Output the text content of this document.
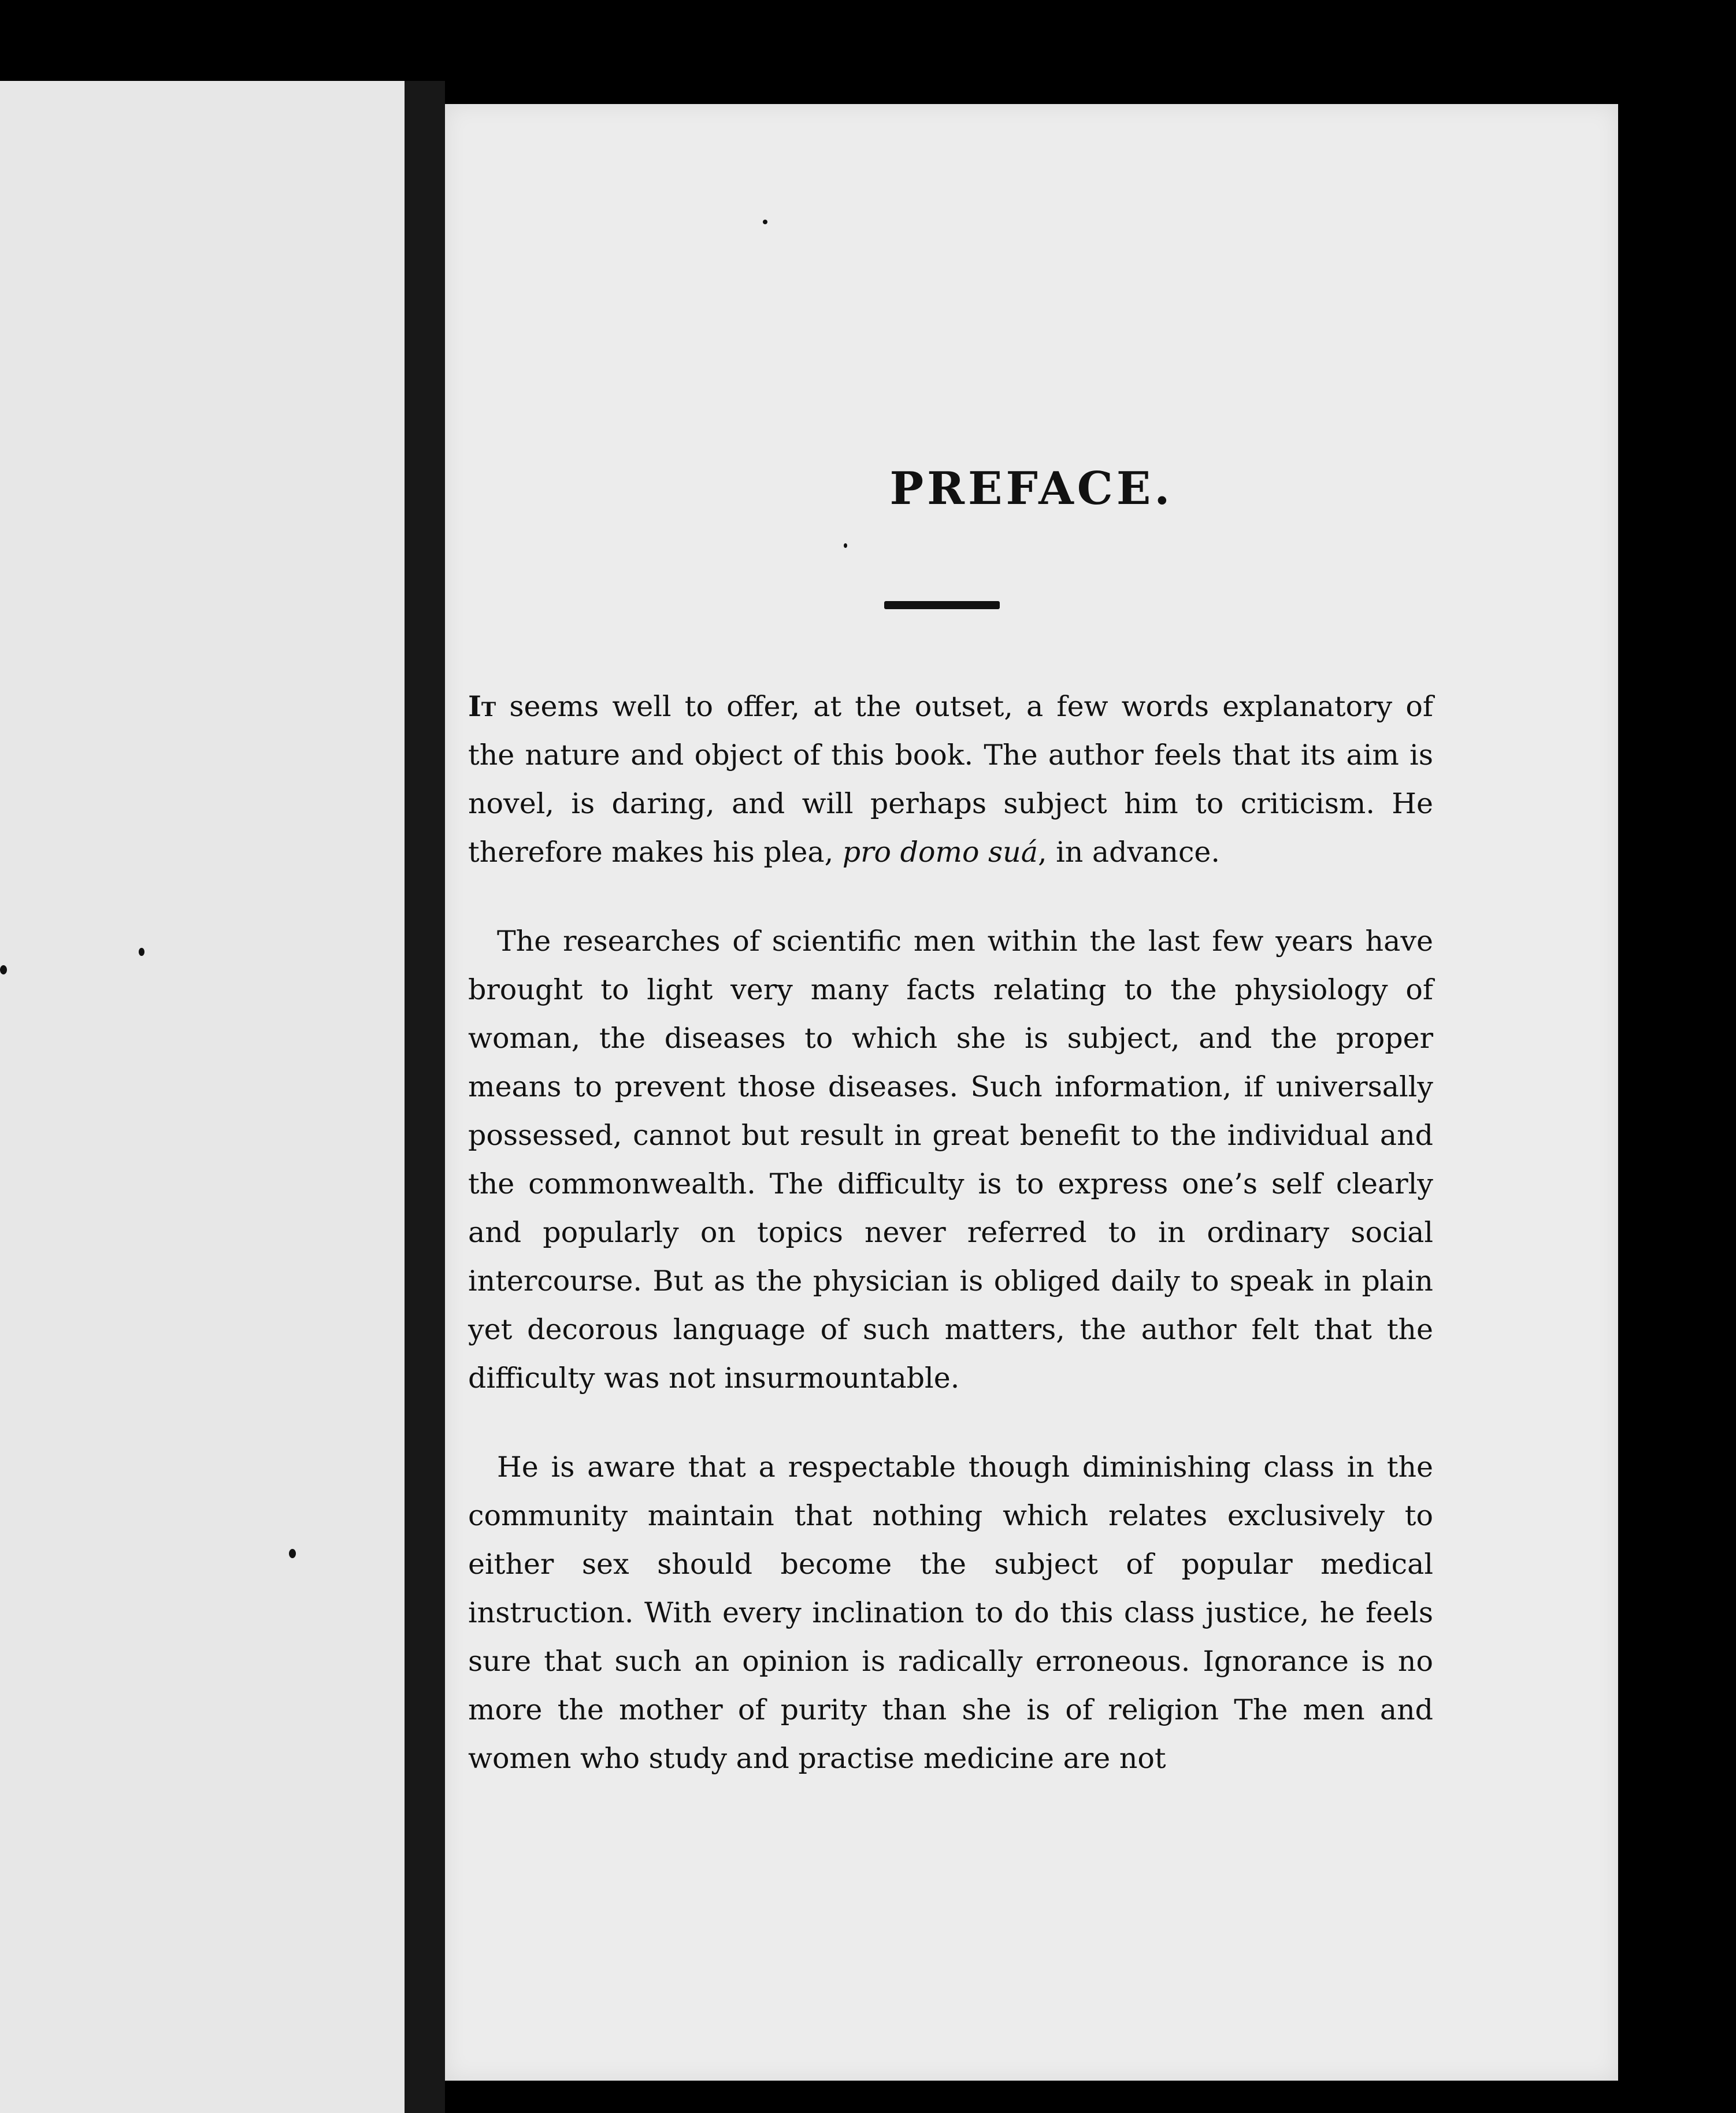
PREFACE.

It seems well to offer, at the outset, a few words explanatory of the nature and object of this book. The author feels that its aim is novel, is daring, and will perhaps subject him to criticism. He therefore makes his plea, pro domo suá, in advance.

The researches of scientific men within the last few years have brought to light very many facts relating to the physiology of woman, the diseases to which she is subject, and the proper means to prevent those diseases. Such information, if universally possessed, cannot but result in great benefit to the individual and the commonwealth. The difficulty is to express one’s self clearly and popularly on topics never referred to in ordinary social intercourse. But as the physician is obliged daily to speak in plain yet decorous language of such matters, the author felt that the difficulty was not insurmountable.

He is aware that a respectable though diminishing class in the community maintain that nothing which relates exclusively to either sex should become the subject of popular medical instruction. With every inclination to do this class justice, he feels sure that such an opinion is radically erroneous. Ignorance is no more the mother of purity than she is of religion The men and women who study and practise medicine are not
